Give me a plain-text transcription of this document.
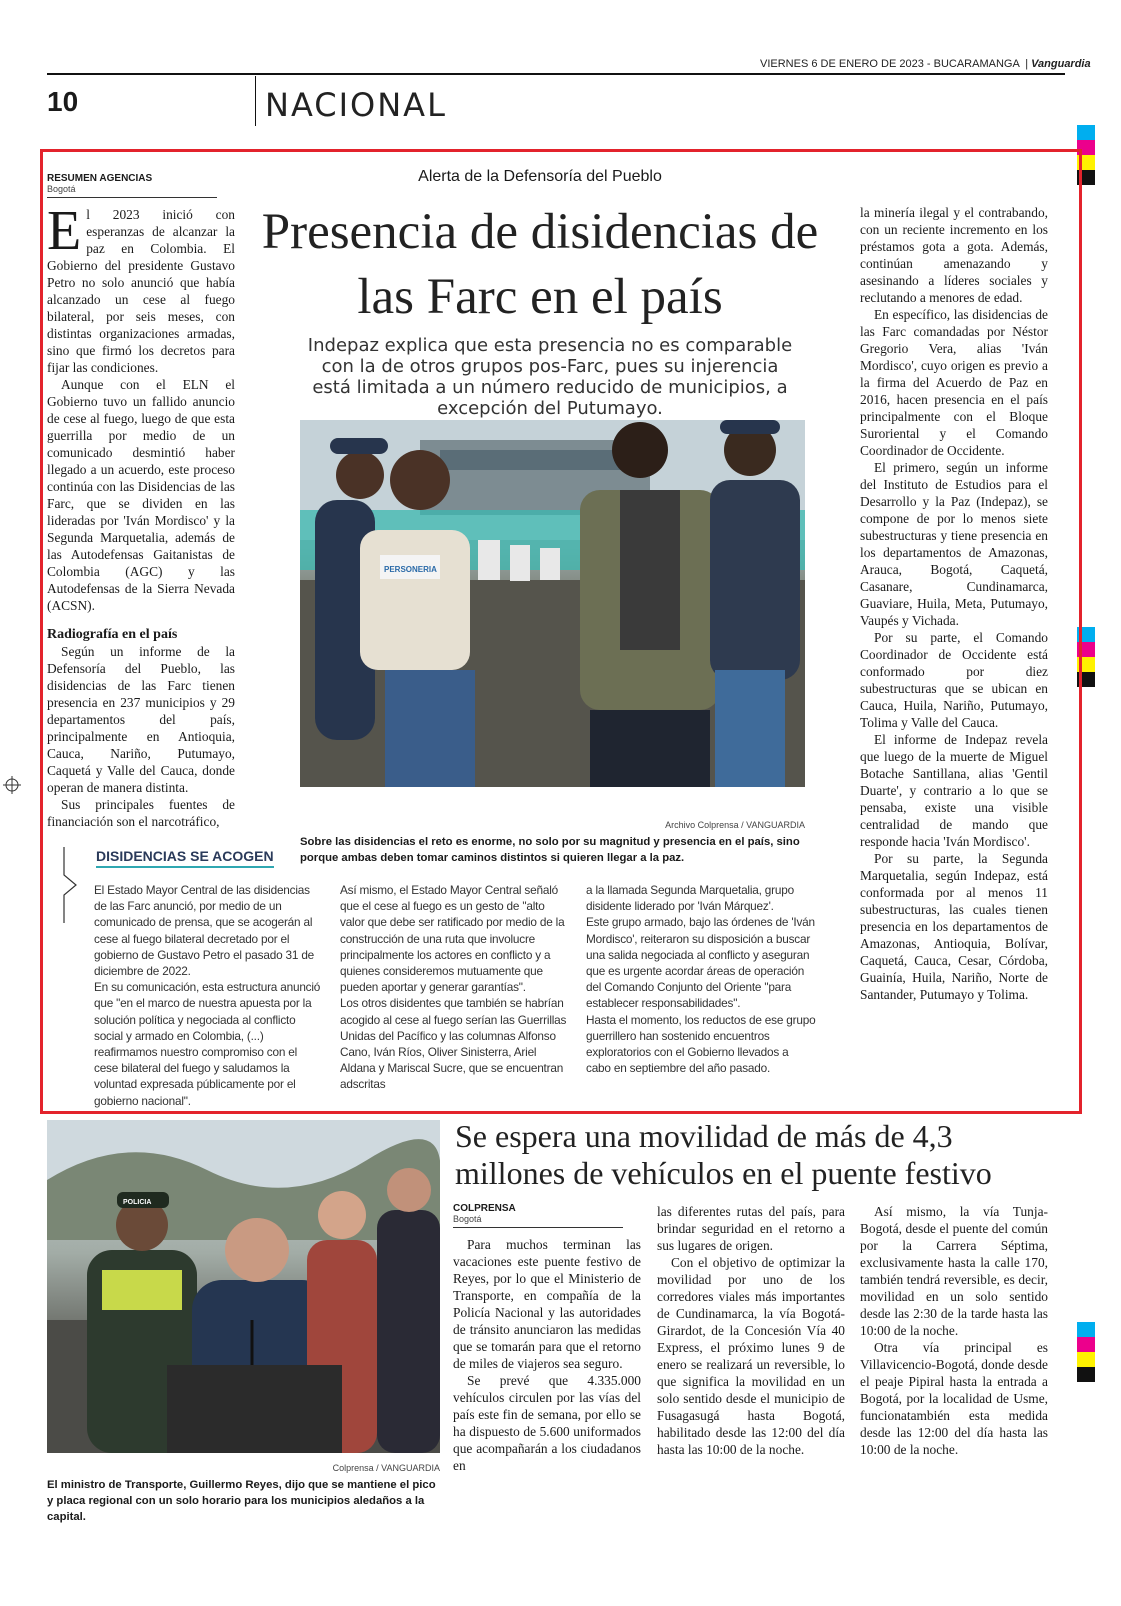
VIERNES 6 DE ENERO DE 2023 - BUCARAMANGA | Vanguardia
10	NACIONAL
RESUMEN AGENCIAS
Bogotá

El 2023 inició con esperanzas de alcanzar la paz en Colombia. El Gobierno del presidente Gustavo Petro no solo anunció que había alcanzado un cese al fuego bilateral, por seis meses, con distintas organizaciones armadas, sino que firmó los decretos para fijar las condiciones.

Aunque con el ELN el Gobierno tuvo un fallido anuncio de cese al fuego, luego de que esta guerrilla por medio de un comunicado desmintió haber llegado a un acuerdo, este proceso continúa con las Disidencias de las Farc, que se dividen en las lideradas por 'Iván Mordisco' y la Segunda Marquetalia, además de las Autodefensas Gaitanistas de Colombia (AGC) y las Autodefensas de la Sierra Nevada (ACSN).

Radiografía en el país

Según un informe de la Defensoría del Pueblo, las disidencias de las Farc tienen presencia en 237 municipios y 29 departamentos del país, principalmente en Antioquia, Cauca, Nariño, Putumayo, Caquetá y Valle del Cauca, donde operan de manera distinta.

Sus principales fuentes de financiación son el narcotráfico,

Alerta de la Defensoría del Pueblo
Presencia de disidencias de las Farc en el país
Indepaz explica que esta presencia no es comparable con la de otros grupos pos-Farc, pues su injerencia está limitada a un número reducido de municipios, a excepción del Putumayo.
PERSONERIA
Archivo Colprensa / VANGUARDIA
Sobre las disidencias el reto es enorme, no solo por su magnitud y presencia en el país, sino porque ambas deben tomar caminos distintos si quieren llegar a la paz.

la minería ilegal y el contrabando, con un reciente incremento en los préstamos gota a gota. Además, continúan amenazando y asesinando a líderes sociales y reclutando a menores de edad.

En específico, las disidencias de las Farc comandadas por Néstor Gregorio Vera, alias 'Iván Mordisco', cuyo origen es previo a la firma del Acuerdo de Paz en 2016, hacen presencia en el país principalmente con el Bloque Suroriental y el Comando Coordinador de Occidente.

El primero, según un informe del Instituto de Estudios para el Desarrollo y la Paz (Indepaz), se compone de por lo menos siete subestructuras y tiene presencia en los departamentos de Amazonas, Arauca, Bogotá, Caquetá, Casanare, Cundinamarca, Guaviare, Huila, Meta, Putumayo, Vaupés y Vichada.

Por su parte, el Comando Coordinador de Occidente está conformado por diez subestructuras que se ubican en Cauca, Huila, Nariño, Putumayo, Tolima y Valle del Cauca.

El informe de Indepaz revela que luego de la muerte de Miguel Botache Santillana, alias 'Gentil Duarte', y contrario a lo que se pensaba, existe una visible centralidad de mando que responde hacia 'Iván Mordisco'.

Por su parte, la Segunda Marquetalia, según Indepaz, está conformada por al menos 11 subestructuras, las cuales tienen presencia en los departamentos de Amazonas, Antioquia, Bolívar, Caquetá, Cauca, Cesar, Córdoba, Guainía, Huila, Nariño, Norte de Santander, Putumayo y Tolima.

DISIDENCIAS SE ACOGEN
El Estado Mayor Central de las disidencias de las Farc anunció, por medio de un comunicado de prensa, que se acogerán al cese al fuego bilateral decretado por el gobierno de Gustavo Petro el pasado 31 de diciembre de 2022.
En su comunicación, esta estructura anunció que "en el marco de nuestra apuesta por la solución política y negociada al conflicto social y armado en Colombia, (...) reafirmamos nuestro compromiso con el cese bilateral del fuego y saludamos la voluntad expresada públicamente por el gobierno nacional".
Así mismo, el Estado Mayor Central señaló que el cese al fuego es un gesto de "alto valor que debe ser ratificado por medio de la construcción de una ruta que involucre principalmente los actores en conflicto y a quienes consideremos mutuamente que pueden aportar y generar garantías".
Los otros disidentes que también se habrían acogido al cese al fuego serían las Guerrillas Unidas del Pacífico y las columnas Alfonso Cano, Iván Ríos, Oliver Sinisterra, Ariel Aldana y Mariscal Sucre, que se encuentran adscritas
a la llamada Segunda Marquetalia, grupo disidente liderado por 'Iván Márquez'.
Este grupo armado, bajo las órdenes de 'Iván Mordisco', reiteraron su disposición a buscar una salida negociada al conflicto y aseguran que es urgente acordar áreas de operación del Comando Conjunto del Oriente "para establecer responsabilidades".
Hasta el momento, los reductos de ese grupo guerrillero han sostenido encuentros exploratorios con el Gobierno llevados a cabo en septiembre del año pasado.
POLICIA
Colprensa / VANGUARDIA
El ministro de Transporte, Guillermo Reyes, dijo que se mantiene el pico y placa regional con un solo horario para los municipios aledaños a la capital.
Se espera una movilidad de más de 4,3 millones de vehículos en el puente festivo
COLPRENSA
Bogotá

Para muchos terminan las vacaciones este puente festivo de Reyes, por lo que el Ministerio de Transporte, en compañía de la Policía Nacional y las autoridades de tránsito anunciaron las medidas que se tomarán para que el retorno de miles de viajeros sea seguro.

Se prevé que 4.335.000 vehículos circulen por las vías del país este fin de semana, por ello se ha dispuesto de 5.600 uniformados que acompañarán a los ciudadanos en

las diferentes rutas del país, para brindar seguridad en el retorno a sus lugares de origen.

Con el objetivo de optimizar la movilidad por uno de los corredores viales más importantes de Cundinamarca, la vía Bogotá-Girardot, de la Concesión Vía 40 Express, el próximo lunes 9 de enero se realizará un reversible, lo que significa la movilidad en un solo sentido desde el municipio de Fusagasugá hasta Bogotá, habilitado desde las 12:00 del día hasta las 10:00 de la noche.

Así mismo, la vía Tunja-Bogotá, desde el puente del común por la Carrera Séptima, exclusivamente hasta la calle 170, también tendrá reversible, es decir, movilidad en un solo sentido desde las 2:30 de la tarde hasta las 10:00 de la noche.

Otra vía principal es Villavicencio-Bogotá, donde desde el peaje Pipiral hasta la entrada a Bogotá, por la localidad de Usme, funcionatambién esta medida desde las 12:00 del día hasta las 10:00 de la noche.
